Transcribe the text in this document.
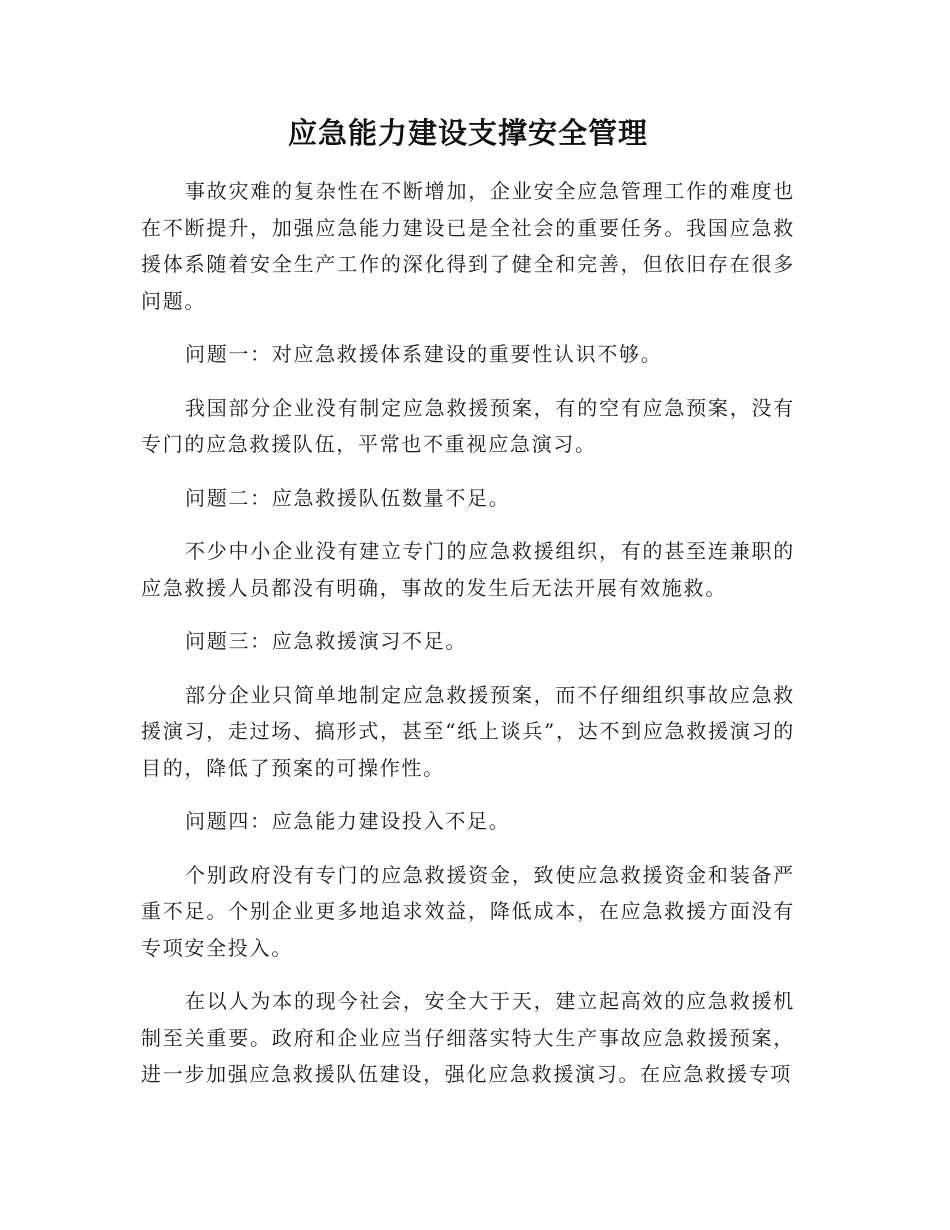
应急能力建设支撑安全管理

事故灾难的复杂性在不断增加，企业安全应急管理工作的难度也在不断提升，加强应急能力建设已是全社会的重要任务。我国应急救援体系随着安全生产工作的深化得到了健全和完善，但依旧存在很多问题。

问题一：对应急救援体系建设的重要性认识不够。

我国部分企业没有制定应急救援预案，有的空有应急预案，没有专门的应急救援队伍，平常也不重视应急演习。

问题二：应急救援队伍数量不足。

不少中小企业没有建立专门的应急救援组织，有的甚至连兼职的应急救援人员都没有明确，事故的发生后无法开展有效施救。

问题三：应急救援演习不足。

部分企业只简单地制定应急救援预案，而不仔细组织事故应急救援演习，走过场、搞形式，甚至“纸上谈兵”，达不到应急救援演习的目的，降低了预案的可操作性。

问题四：应急能力建设投入不足。

个别政府没有专门的应急救援资金，致使应急救援资金和装备严重不足。个别企业更多地追求效益，降低成本，在应急救援方面没有专项安全投入。

在以人为本的现今社会，安全大于天，建立起高效的应急救援机制至关重要。政府和企业应当仔细落实特大生产事故应急救援预案，进一步加强应急救援队伍建设，强化应急救援演习。在应急救援专项
